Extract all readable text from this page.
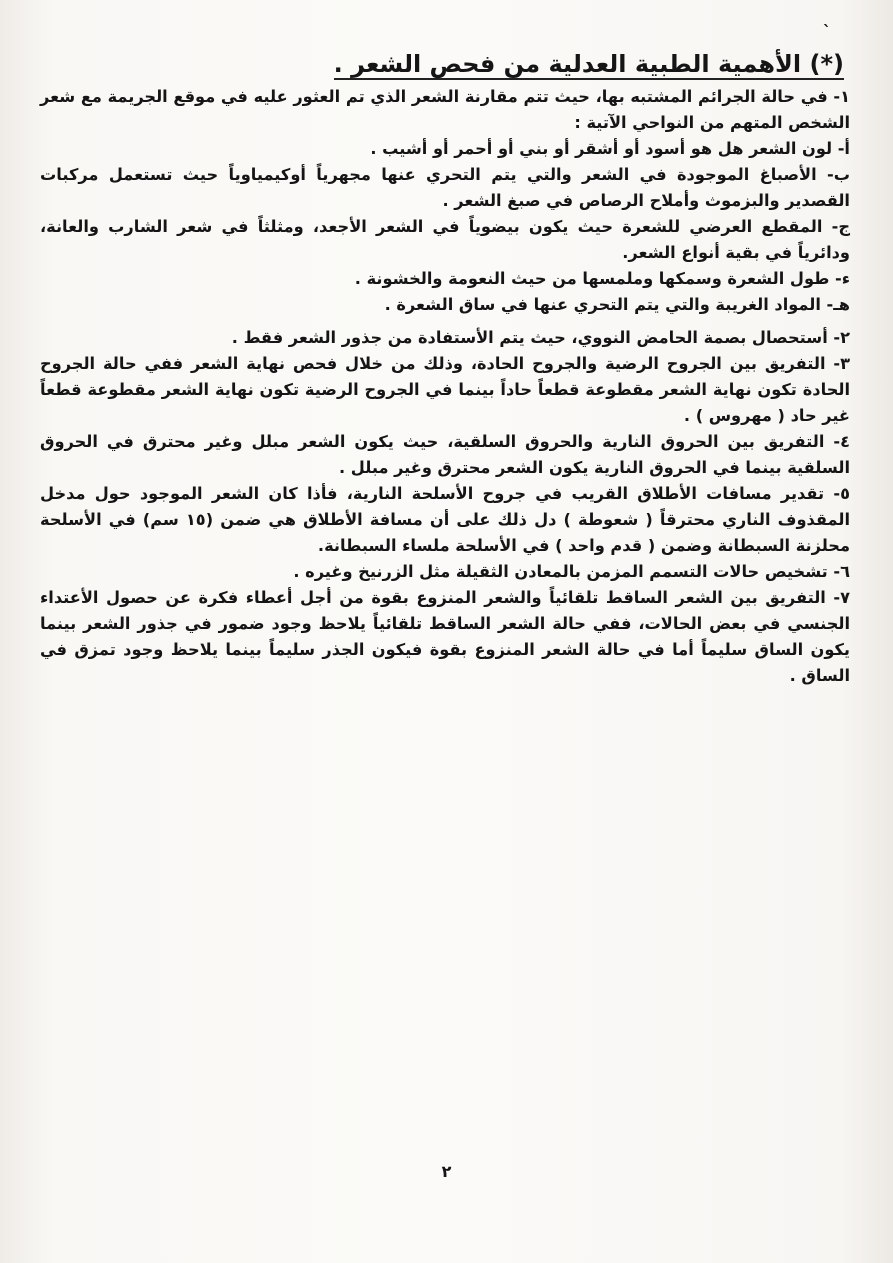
`
(*) الأهمية الطبية العدلية من فحص الشعر .

١- في حالة الجرائم المشتبه بها، حيث تتم مقارنة الشعر الذي تم العثور عليه في موقع الجريمة مع شعر الشخص المتهم من النواحي الآتية :

أ- لون الشعر هل هو أسود أو أشقر أو بني أو أحمر أو أشيب .

ب- الأصباغ الموجودة في الشعر والتي يتم التحري عنها مجهرياً أوكيمياوياً حيث تستعمل مركبات القصدير والبزموث وأملاح الرصاص في صبغ الشعر .

ج- المقطع العرضي للشعرة حيث يكون بيضوياً في الشعر الأجعد، ومثلثاً في شعر الشارب والعانة، ودائرياً في بقية أنواع الشعر.

ء- طول الشعرة وسمكها وملمسها من حيث النعومة والخشونة .

هـ- المواد الغريبة والتي يتم التحري عنها في ساق الشعرة .

٢- أستحصال بصمة الحامض النووي، حيث يتم الأستفادة من جذور الشعر فقط .

٣- التفريق بين الجروح الرضية والجروح الحادة، وذلك من خلال فحص نهاية الشعر ففي حالة الجروح الحادة تكون نهاية الشعر مقطوعة قطعاً حاداً بينما في الجروح الرضية تكون نهاية الشعر مقطوعة قطعاً غير حاد ( مهروس ) .

٤- التفريق بين الحروق النارية والحروق السلقية، حيث يكون الشعر مبلل وغير محترق في الحروق السلقية بينما في الحروق النارية يكون الشعر محترق وغير مبلل .

٥- تقدير مسافات الأطلاق القريب في جروح الأسلحة النارية، فأذا كان الشعر الموجود حول مدخل المقذوف الناري محترقاً ( شعوطة ) دل ذلك على أن مسافة الأطلاق هي ضمن (١٥ سم) في الأسلحة محلزنة السبطانة وضمن ( قدم واحد ) في الأسلحة ملساء السبطانة.

٦- تشخيص حالات التسمم المزمن بالمعادن الثقيلة مثل الزرنيخ وغيره .

٧- التفريق بين الشعر الساقط تلقائياً والشعر المنزوع بقوة من أجل أعطاء فكرة عن حصول الأعتداء الجنسي في بعض الحالات، ففي حالة الشعر الساقط تلقائياً يلاحظ وجود ضمور في جذور الشعر بينما يكون الساق سليماً أما في حالة الشعر المنزوع بقوة فيكون الجذر سليماً بينما يلاحظ وجود تمزق في الساق .

٢
